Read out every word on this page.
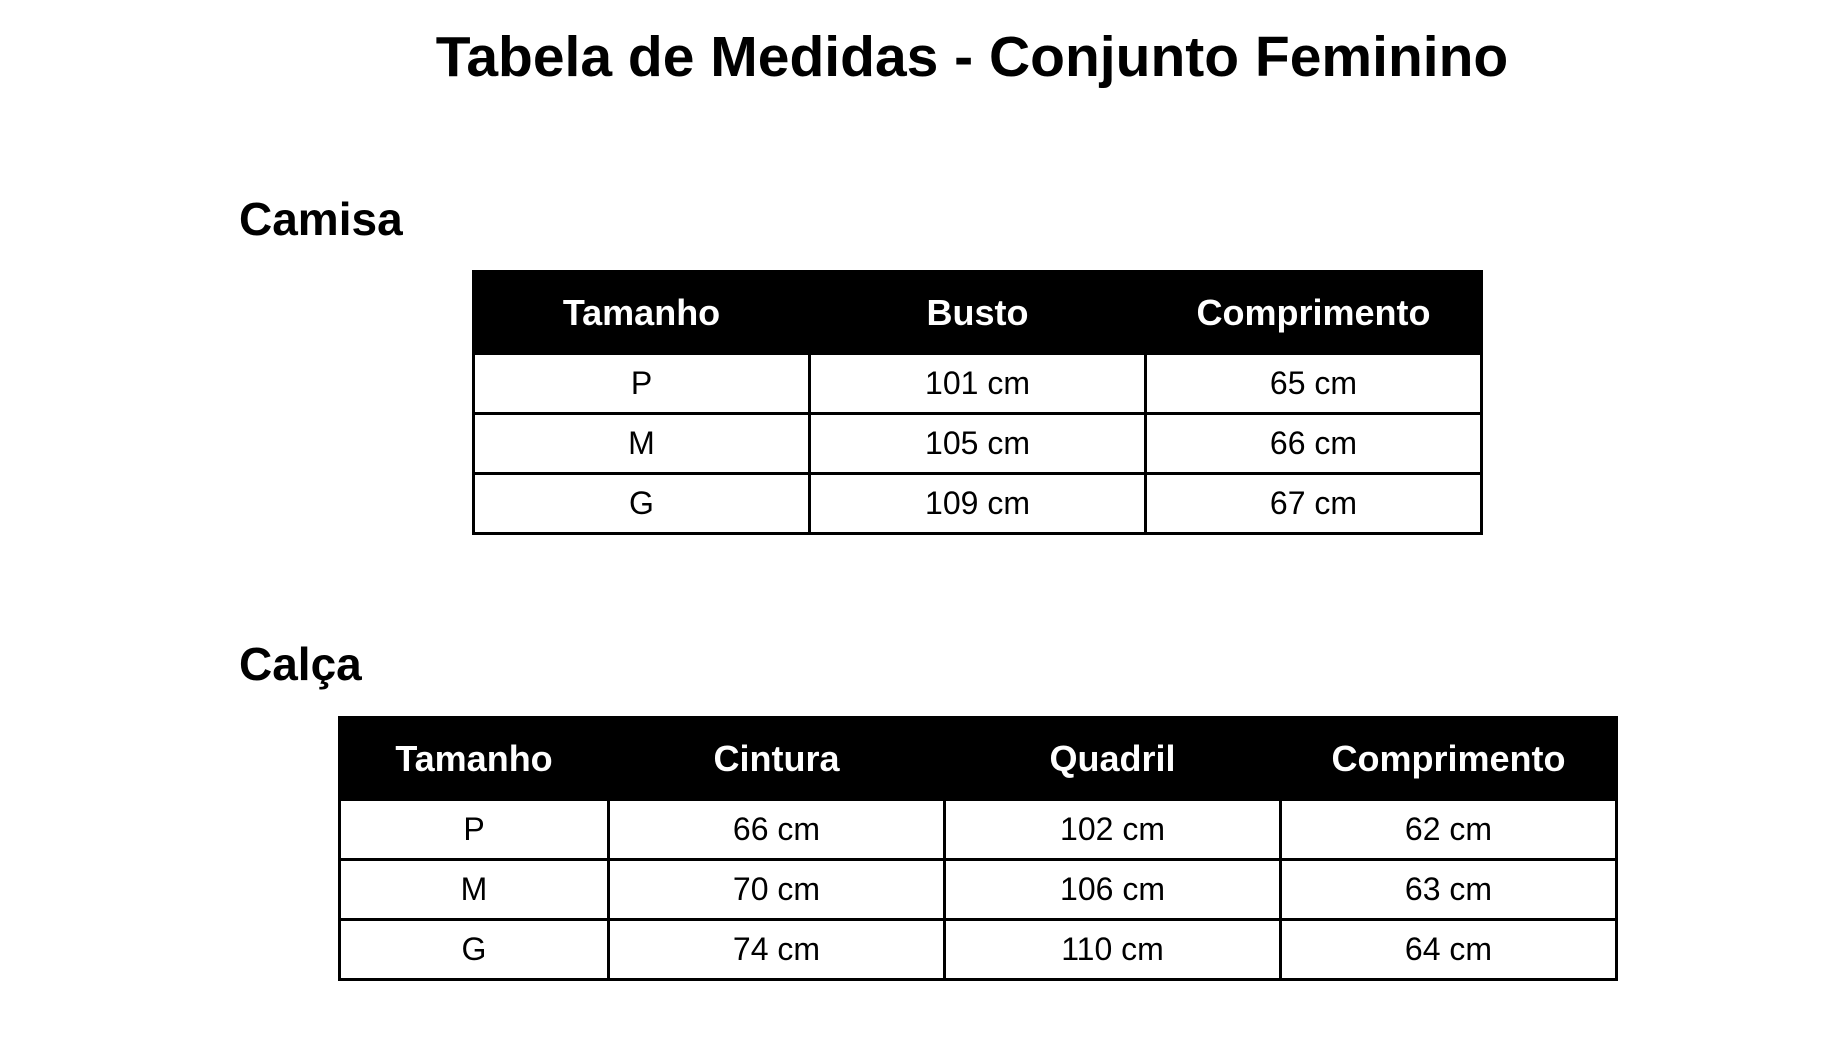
Tabela de Medidas - Conjunto Feminino
Camisa
Tamanho	Busto	Comprimento
P	101 cm	65 cm
M	105 cm	66 cm
G	109 cm	67 cm
Calça
Tamanho	Cintura	Quadril	Comprimento
P	66 cm	102 cm	62 cm
M	70 cm	106 cm	63 cm
G	74 cm	110 cm	64 cm
